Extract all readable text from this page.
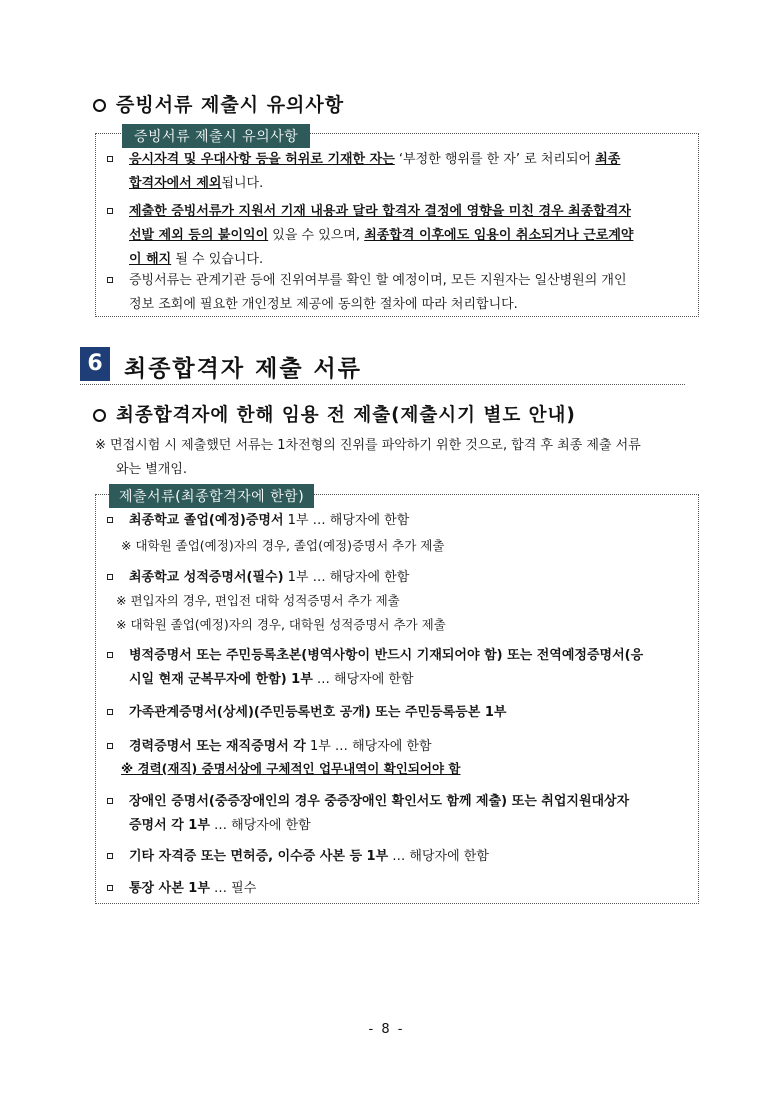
증빙서류 제출시 유의사항
증빙서류 제출시 유의사항
응시자격 및 우대사항 등을 허위로 기재한 자는 ‘부정한 행위를 한 자’ 로 처리되어 최종
합격자에서 제외됩니다.
제출한 증빙서류가 지원서 기재 내용과 달라 합격자 결정에 영향을 미친 경우 최종합격자
선발 제외 등의 불이익이 있을 수 있으며, 최종합격 이후에도 임용이 취소되거나 근로계약
이 해지 될 수 있습니다.
증빙서류는 관계기관 등에 진위여부를 확인 할 예정이며, 모든 지원자는 일산병원의 개인
정보 조회에 필요한 개인정보 제공에 동의한 절차에 따라 처리합니다.
6 최종합격자 제출 서류
최종합격자에 한해 임용 전 제출(제출시기 별도 안내)
※ 면접시험 시 제출했던 서류는 1차전형의 진위를 파악하기 위한 것으로, 합격 후 최종 제출 서류
와는 별개임.
제출서류(최종합격자에 한함)
최종학교 졸업(예정)증명서 1부 … 해당자에 한함
※ 대학원 졸업(예정)자의 경우, 졸업(예정)증명서 추가 제출
최종학교 성적증명서(필수) 1부 … 해당자에 한함
※ 편입자의 경우, 편입전 대학 성적증명서 추가 제출
※ 대학원 졸업(예정)자의 경우, 대학원 성적증명서 추가 제출
병적증명서 또는 주민등록초본(병역사항이 반드시 기재되어야 함) 또는 전역예정증명서(응
시일 현재 군복무자에 한함) 1부 … 해당자에 한함
가족관계증명서(상세)(주민등록번호 공개) 또는 주민등록등본 1부
경력증명서 또는 재직증명서 각 1부 … 해당자에 한함
※ 경력(재직) 증명서상에 구체적인 업무내역이 확인되어야 함
장애인 증명서(중증장애인의 경우 중증장애인 확인서도 함께 제출) 또는 취업지원대상자
증명서 각 1부 … 해당자에 한함
기타 자격증 또는 면허증, 이수증 사본 등 1부 … 해당자에 한함
통장 사본 1부 … 필수
- 8 -
